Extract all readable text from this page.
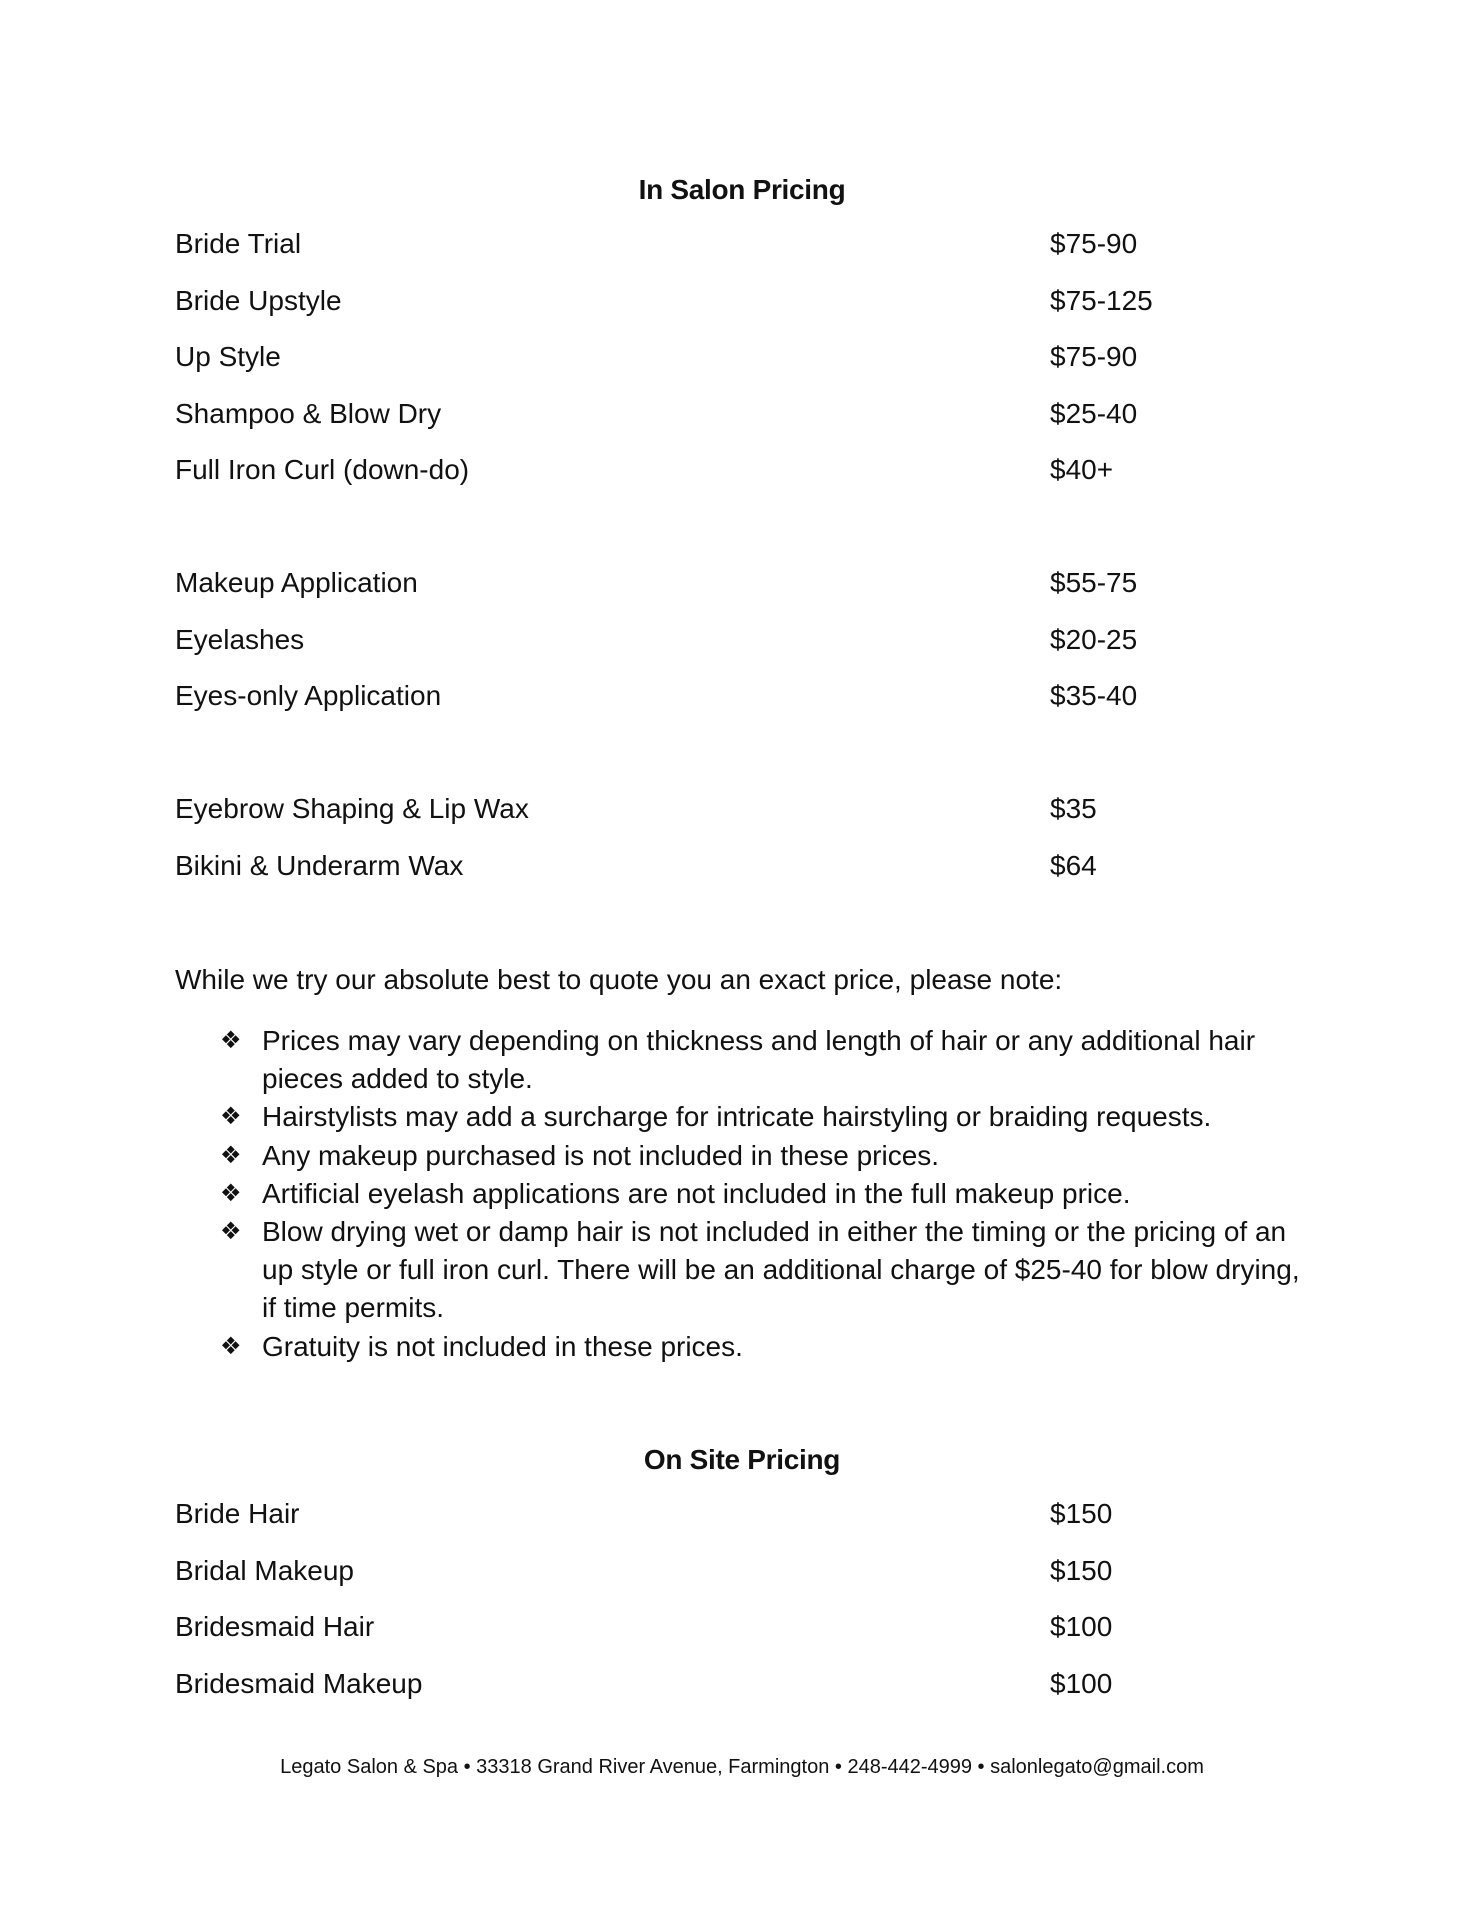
In Salon Pricing
Bride Trial	$75-90
Bride Upstyle	$75-125
Up Style	$75-90
Shampoo & Blow Dry	$25-40
Full Iron Curl (down-do)	$40+
Makeup Application	$55-75
Eyelashes	$20-25
Eyes-only Application	$35-40
Eyebrow Shaping & Lip Wax	$35
Bikini & Underarm Wax	$64
While we try our absolute best to quote you an exact price, please note:
❖ Prices may vary depending on thickness and length of hair or any additional hair pieces added to style.
❖ Hairstylists may add a surcharge for intricate hairstyling or braiding requests.
❖ Any makeup purchased is not included in these prices.
❖ Artificial eyelash applications are not included in the full makeup price.
❖ Blow drying wet or damp hair is not included in either the timing or the pricing of an up style or full iron curl. There will be an additional charge of $25-40 for blow drying, if time permits.
❖ Gratuity is not included in these prices.
On Site Pricing
Bride Hair	$150
Bridal Makeup	$150
Bridesmaid Hair	$100
Bridesmaid Makeup	$100
Legato Salon & Spa • 33318 Grand River Avenue, Farmington • 248-442-4999 • salonlegato@gmail.com
